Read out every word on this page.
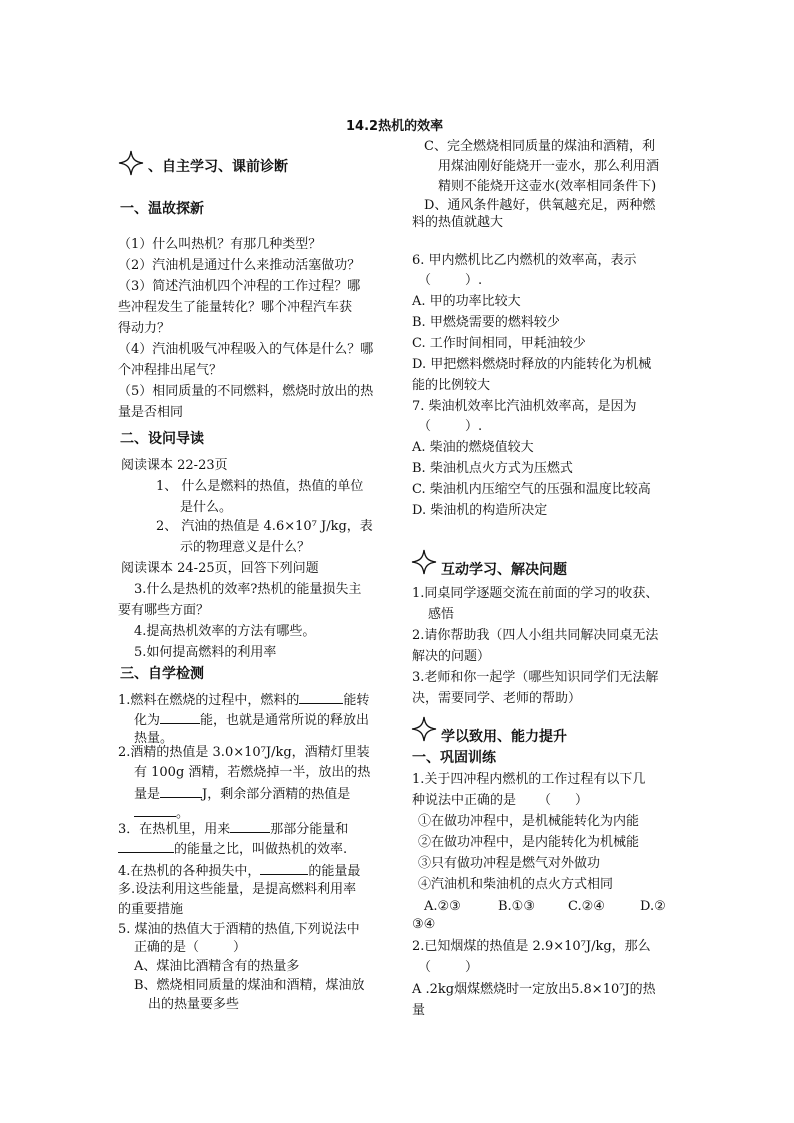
14.2热机的效率
、自主学习、课前诊断
一、温故探新
（1）什么叫热机？有那几种类型？
（2）汽油机是通过什么来推动活塞做功？
（3）简述汽油机四个冲程的工作过程？哪
些冲程发生了能量转化？哪个冲程汽车获
得动力？
（4）汽油机吸气冲程吸入的气体是什么？哪
个冲程排出尾气？
（5）相同质量的不同燃料，燃烧时放出的热
量是否相同
二、设问导读
阅读课本 22-23页
1、 什么是燃料的热值，热值的单位
是什么。
2、 汽油的热值是 4.6×10⁷ J/kg，表
示的物理意义是什么？
阅读课本 24-25页，回答下列问题
3.什么是热机的效率?热机的能量损失主
要有哪些方面？
4.提高热机效率的方法有哪些。
5.如何提高燃料的利用率
三、自学检测
1.燃料在燃烧的过程中，燃料的	能转
化为	能，也就是通常所说的释放出
热量。
2.酒精的热值是 3.0×10⁷J/kg，酒精灯里装
有 100g 酒精，若燃烧掉一半，放出的热
量是	J，剩余部分酒精的热值是
。
3．在热机里，用来	那部分能量和
的能量之比，叫做热机的效率.
4.在热机的各种损失中，	的能量最
多.设法利用这些能量，是提高燃料利用率
的重要措施
5. 煤油的热值大于酒精的热值,下列说法中
正确的是（	）
A、煤油比酒精含有的热量多
B、燃烧相同质量的煤油和酒精，煤油放
出的热量要多些
C、完全燃烧相同质量的煤油和酒精，利
用煤油刚好能烧开一壶水，那么利用酒
精则不能烧开这壶水(效率相同条件下)
D、通风条件越好，供氧越充足，两种燃
料的热值就越大
6. 甲内燃机比乙内燃机的效率高，表示
（	）.
A. 甲的功率比较大
B. 甲燃烧需要的燃料较少
C. 工作时间相同，甲耗油较少
D. 甲把燃料燃烧时释放的内能转化为机械
能的比例较大
7. 柴油机效率比汽油机效率高，是因为
（	）.
A. 柴油的燃烧值较大
B. 柴油机点火方式为压燃式
C. 柴油机内压缩空气的压强和温度比较高
D. 柴油机的构造所决定
互动学习、解决问题
1.同桌同学逐题交流在前面的学习的收获、
感悟
2.请你帮助我（四人小组共同解决同桌无法
解决的问题）
3.老师和你一起学（哪些知识同学们无法解
决，需要同学、老师的帮助）
学以致用、能力提升
一、巩固训练
1.关于四冲程内燃机的工作过程有以下几
种说法中正确的是 （ ）
①在做功冲程中，是机械能转化为内能
②在做功冲程中，是内能转化为机械能
③只有做功冲程是燃气对外做功
④汽油机和柴油机的点火方式相同
A.②③	B.①③	C.②④	D.②
③④
2.已知烟煤的热值是 2.9×10⁷J/kg，那么
（	）
A .2kg烟煤燃烧时一定放出5.8×10⁷J的热
量
